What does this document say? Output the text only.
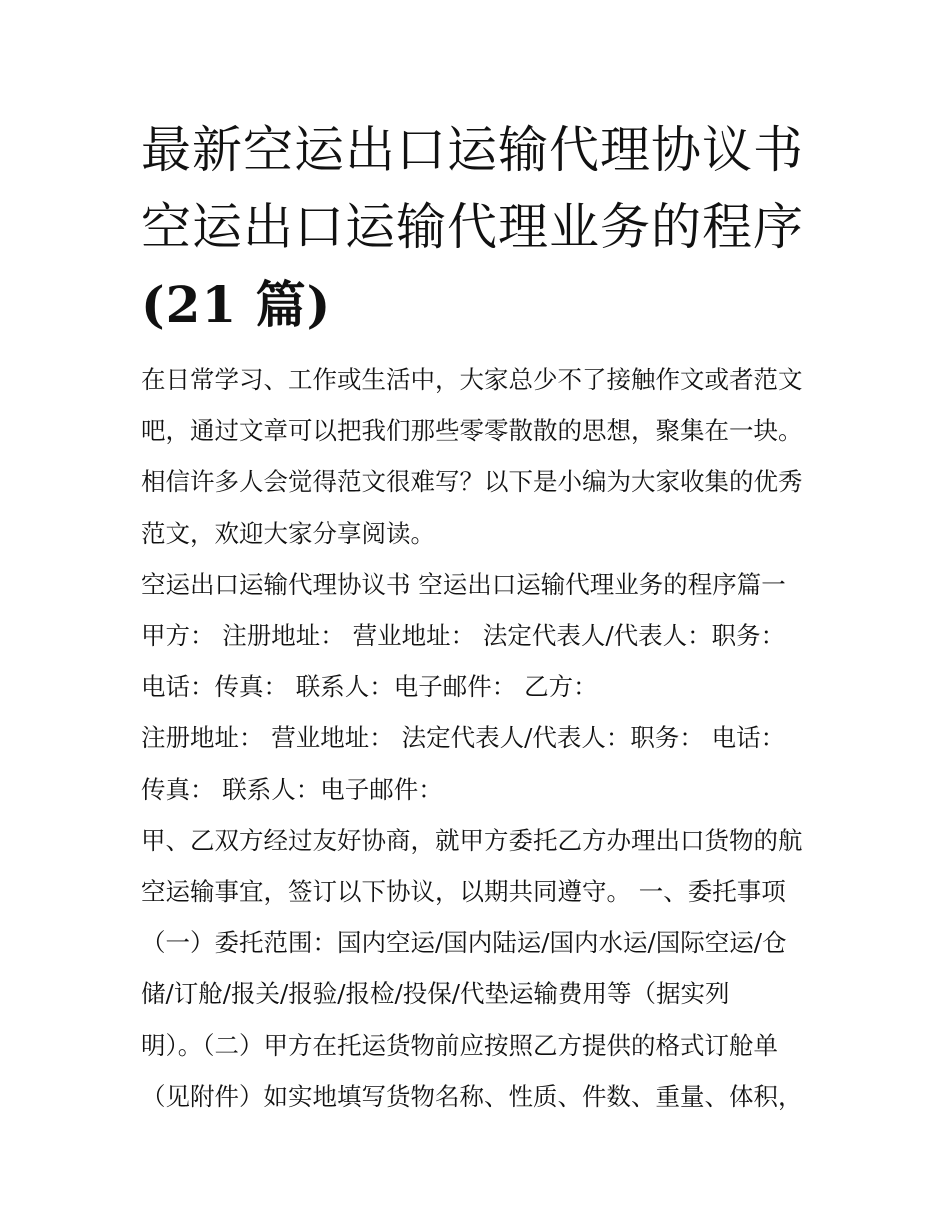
最新空运出口运输代理协议书
空运出口运输代理业务的程序
(21 篇)
在日常学习、工作或生活中，大家总少不了接触作文或者范文
吧，通过文章可以把我们那些零零散散的思想，聚集在一块。
相信许多人会觉得范文很难写？以下是小编为大家收集的优秀
范文，欢迎大家分享阅读。
空运出口运输代理协议书 空运出口运输代理业务的程序篇一
甲方： 注册地址： 营业地址： 法定代表人/代表人：职务：
电话：传真： 联系人：电子邮件： 乙方：
注册地址： 营业地址： 法定代表人/代表人：职务： 电话：
传真： 联系人：电子邮件：
甲、乙双方经过友好协商，就甲方委托乙方办理出口货物的航
空运输事宜，签订以下协议，以期共同遵守。 一、委托事项
（一）委托范围：国内空运/国内陆运/国内水运/国际空运/仓
储/订舱/报关/报验/报检/投保/代垫运输费用等（据实列
明）。（二）甲方在托运货物前应按照乙方提供的格式订舱单
（见附件）如实地填写货物名称、性质、件数、重量、体积，
